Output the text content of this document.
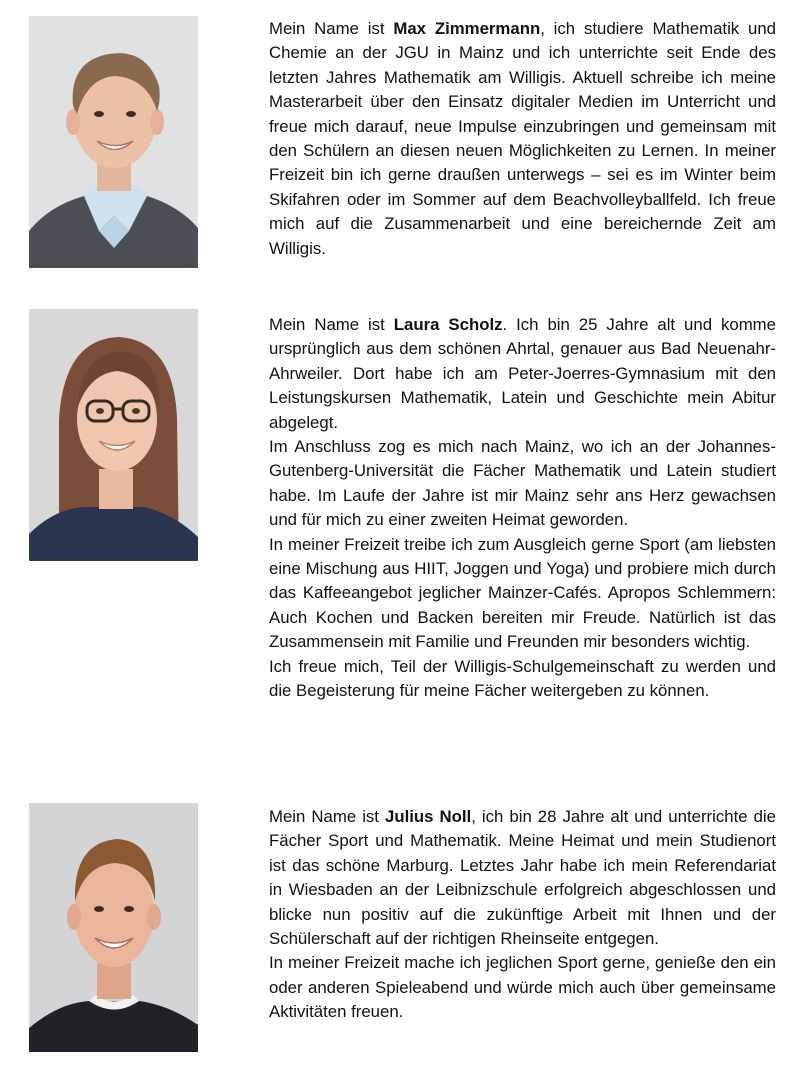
Mein Name ist Max Zimmermann, ich studiere Mathematik und Chemie an der JGU in Mainz und ich unterrichte seit Ende des letzten Jahres Mathematik am Willigis. Aktuell schreibe ich meine Masterarbeit über den Einsatz digitaler Medien im Unterricht und freue mich darauf, neue Impulse einzubringen und gemeinsam mit den Schülern an diesen neuen Möglichkeiten zu Lernen. In meiner Freizeit bin ich gerne draußen unterwegs – sei es im Winter beim Skifahren oder im Sommer auf dem Beachvolleyballfeld. Ich freue mich auf die Zusammenarbeit und eine bereichernde Zeit am Willigis.

Mein Name ist Laura Scholz. Ich bin 25 Jahre alt und komme ursprünglich aus dem schönen Ahrtal, genauer aus Bad Neuenahr-Ahrweiler. Dort habe ich am Peter-Joerres-Gymnasium mit den Leistungskursen Mathematik, Latein und Geschichte mein Abitur abgelegt.

Im Anschluss zog es mich nach Mainz, wo ich an der Johannes-Gutenberg-Universität die Fächer Mathematik und Latein studiert habe. Im Laufe der Jahre ist mir Mainz sehr ans Herz gewachsen und für mich zu einer zweiten Heimat geworden.

In meiner Freizeit treibe ich zum Ausgleich gerne Sport (am liebsten eine Mischung aus HIIT, Joggen und Yoga) und probiere mich durch das Kaffeeangebot jeglicher Mainzer-Cafés. Apropos Schlemmern: Auch Kochen und Backen bereiten mir Freude. Natürlich ist das Zusammensein mit Familie und Freunden mir besonders wichtig.

Ich freue mich, Teil der Willigis-Schulgemeinschaft zu werden und die Begeisterung für meine Fächer weitergeben zu können.

Mein Name ist Julius Noll, ich bin 28 Jahre alt und unterrichte die Fächer Sport und Mathematik. Meine Heimat und mein Studienort ist das schöne Marburg. Letztes Jahr habe ich mein Referendariat in Wiesbaden an der Leibnizschule erfolgreich abgeschlossen und blicke nun positiv auf die zukünftige Arbeit mit Ihnen und der Schülerschaft auf der richtigen Rheinseite entgegen.

In meiner Freizeit mache ich jeglichen Sport gerne, genieße den ein oder anderen Spieleabend und würde mich auch über gemeinsame Aktivitäten freuen.
